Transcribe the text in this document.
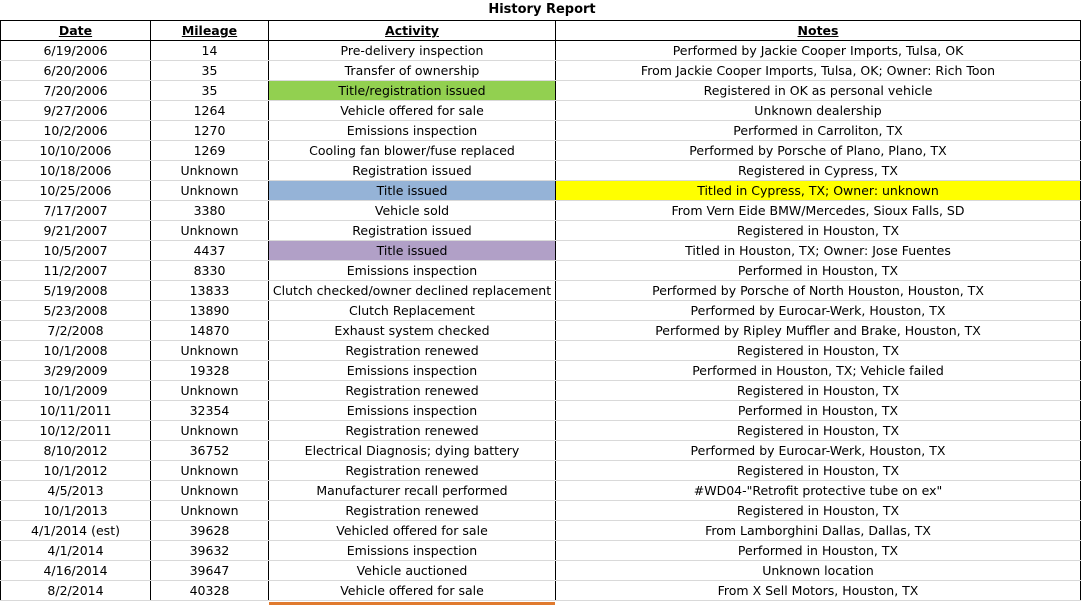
History Report
Date	Mileage	Activity	Notes
6/19/2006	14	Pre-delivery inspection	Performed by Jackie Cooper Imports, Tulsa, OK
6/20/2006	35	Transfer of ownership	From Jackie Cooper Imports, Tulsa, OK; Owner: Rich Toon
7/20/2006	35	Title/registration issued	Registered in OK as personal vehicle
9/27/2006	1264	Vehicle offered for sale	Unknown dealership
10/2/2006	1270	Emissions inspection	Performed in Carroliton, TX
10/10/2006	1269	Cooling fan blower/fuse replaced	Performed by Porsche of Plano, Plano, TX
10/18/2006	Unknown	Registration issued	Registered in Cypress, TX
10/25/2006	Unknown	Title issued	Titled in Cypress, TX; Owner: unknown
7/17/2007	3380	Vehicle sold	From Vern Eide BMW/Mercedes, Sioux Falls, SD
9/21/2007	Unknown	Registration issued	Registered in Houston, TX
10/5/2007	4437	Title issued	Titled in Houston, TX; Owner: Jose Fuentes
11/2/2007	8330	Emissions inspection	Performed in Houston, TX
5/19/2008	13833	Clutch checked/owner declined replacement	Performed by Porsche of North Houston, Houston, TX
5/23/2008	13890	Clutch Replacement	Performed by Eurocar-Werk, Houston, TX
7/2/2008	14870	Exhaust system checked	Performed by Ripley Muffler and Brake, Houston, TX
10/1/2008	Unknown	Registration renewed	Registered in Houston, TX
3/29/2009	19328	Emissions inspection	Performed in Houston, TX; Vehicle failed
10/1/2009	Unknown	Registration renewed	Registered in Houston, TX
10/11/2011	32354	Emissions inspection	Performed in Houston, TX
10/12/2011	Unknown	Registration renewed	Registered in Houston, TX
8/10/2012	36752	Electrical Diagnosis; dying battery	Performed by Eurocar-Werk, Houston, TX
10/1/2012	Unknown	Registration renewed	Registered in Houston, TX
4/5/2013	Unknown	Manufacturer recall performed	#WD04-"Retrofit protective tube on ex"
10/1/2013	Unknown	Registration renewed	Registered in Houston, TX
4/1/2014 (est)	39628	Vehicled offered for sale	From Lamborghini Dallas, Dallas, TX
4/1/2014	39632	Emissions inspection	Performed in Houston, TX
4/16/2014	39647	Vehicle auctioned	Unknown location
8/2/2014	40328	Vehicle offered for sale	From X Sell Motors, Houston, TX
